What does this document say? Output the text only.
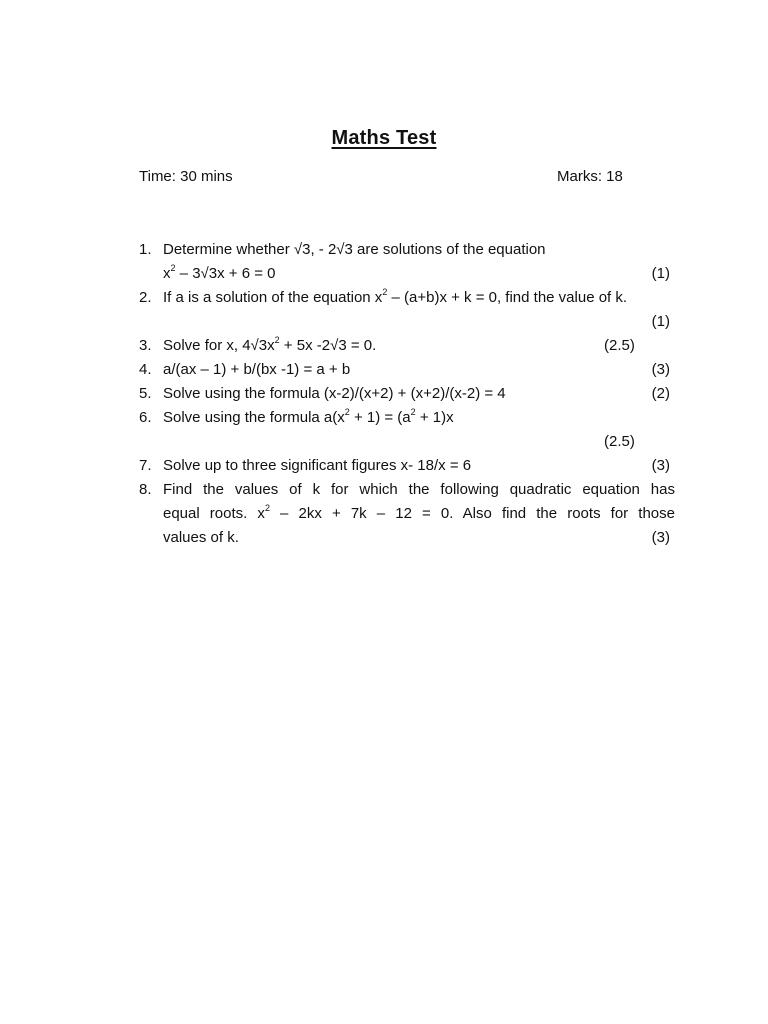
Maths Test
Time: 30 mins	Marks: 18
1. Determine whether √3, - 2√3 are solutions of the equation
$x^2 - 3√3x + 6 = 0$	(1)
2. If a is a solution of the equation $x^2 - (a+b)x + k = 0$, find the value of k.
(1)
3. Solve for x, $4√3x^2 + 5x$ -2√3 = 0.	(2.5)
4. a/(ax – 1) + b/(bx -1) = a + b	(3)
5. Solve using the formula (x-2)/(x+2) + (x+2)/(x-2) = 4	(2)
6. Solve using the formula $a(x^2 + 1) = (a^2 + 1)x$
(2.5)
7. Solve up to three significant figures x- 18/x = 6	(3)
8. Find the values of k for which the following quadratic equation has
equal roots. $x^2 - 2kx + 7k - 12 = 0$. Also find the roots for those
values of k.	(3)
